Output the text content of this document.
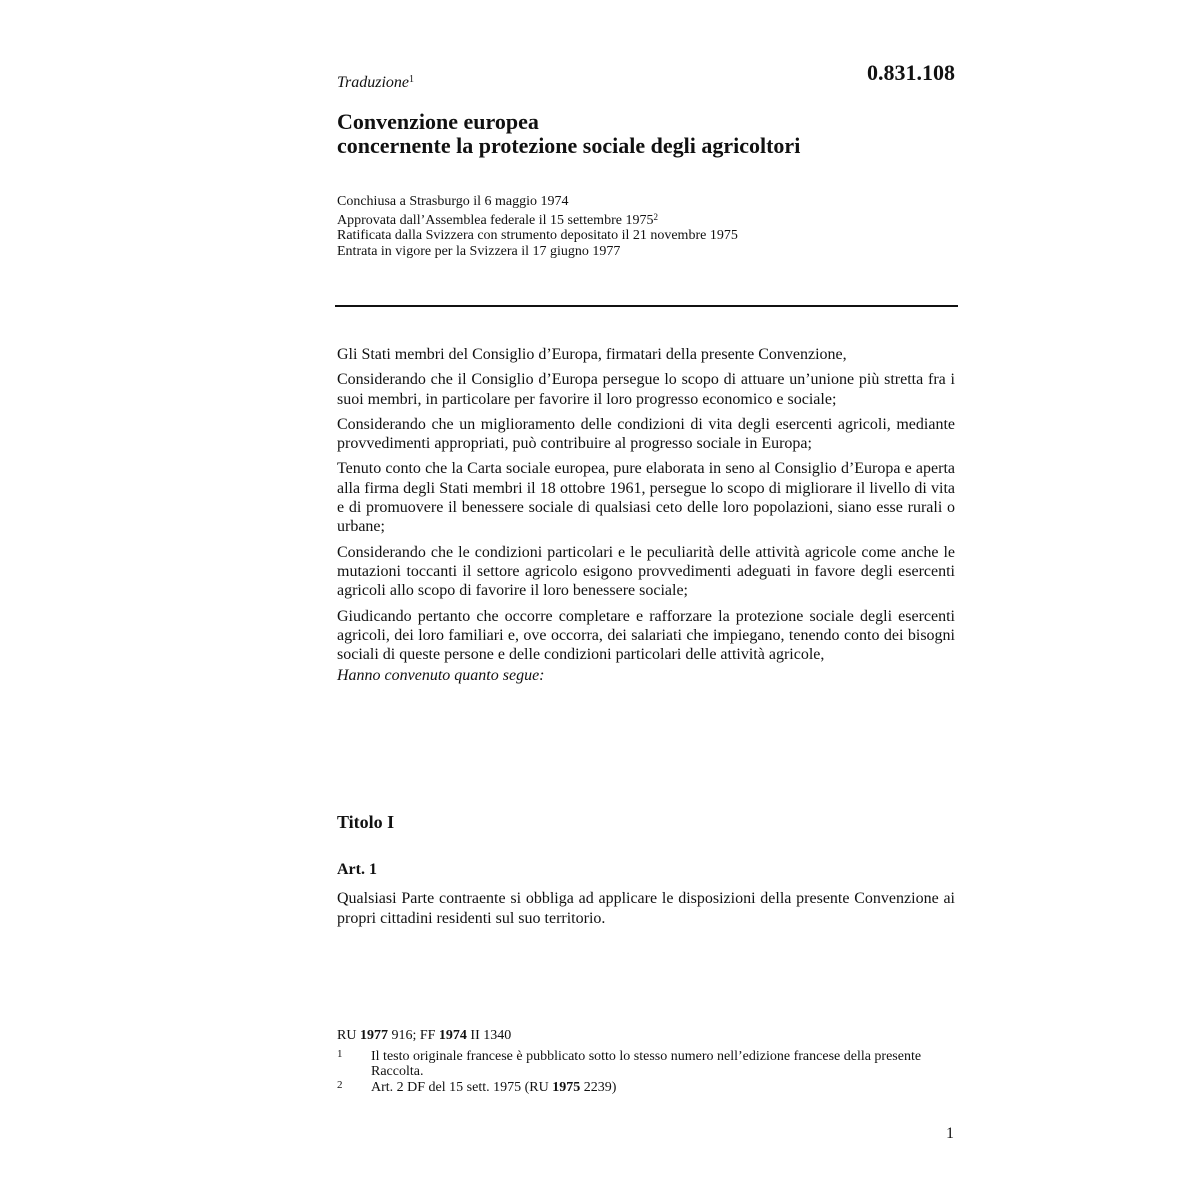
0.831.108
Traduzione$^1$
Convenzione europea
concernente la protezione sociale degli agricoltori
Conchiusa a Strasburgo il 6 maggio 1974
Approvata dall’Assemblea federale il 15 settembre 1975$^2$
Ratificata dalla Svizzera con strumento depositato il 21 novembre 1975
Entrata in vigore per la Svizzera il 17 giugno 1977

Gli Stati membri del Consiglio d’Europa, firmatari della presente Convenzione,

Considerando che il Consiglio d’Europa persegue lo scopo di attuare un’unione più stretta fra i suoi membri, in particolare per favorire il loro progresso economico e sociale;

Considerando che un miglioramento delle condizioni di vita degli esercenti agricoli, mediante provvedimenti appropriati, può contribuire al progresso sociale in Europa;

Tenuto conto che la Carta sociale europea, pure elaborata in seno al Consiglio d’Europa e aperta alla firma degli Stati membri il 18 ottobre 1961, persegue lo scopo di migliorare il livello di vita e di promuovere il benessere sociale di qualsiasi ceto delle loro popolazioni, siano esse rurali o urbane;

Considerando che le condizioni particolari e le peculiarità delle attività agricole come anche le mutazioni toccanti il settore agricolo esigono provvedimenti adeguati in favore degli esercenti agricoli allo scopo di favorire il loro benessere sociale;

Giudicando pertanto che occorre completare e rafforzare la protezione sociale degli esercenti agricoli, dei loro familiari e, ove occorra, dei salariati che impiegano, tenendo conto dei bisogni sociali di queste persone e delle condizioni particolari delle attività agricole,

Hanno convenuto quanto segue:

Titolo I
Art. 1
Qualsiasi Parte contraente si obbliga ad applicare le disposizioni della presente Convenzione ai propri cittadini residenti sul suo territorio.
RU 1977 916; FF 1974 II 1340
1 Il testo originale francese è pubblicato sotto lo stesso numero nell’edizione francese della presente Raccolta.
2 Art. 2 DF del 15 sett. 1975 (RU 1975 2239)
1
